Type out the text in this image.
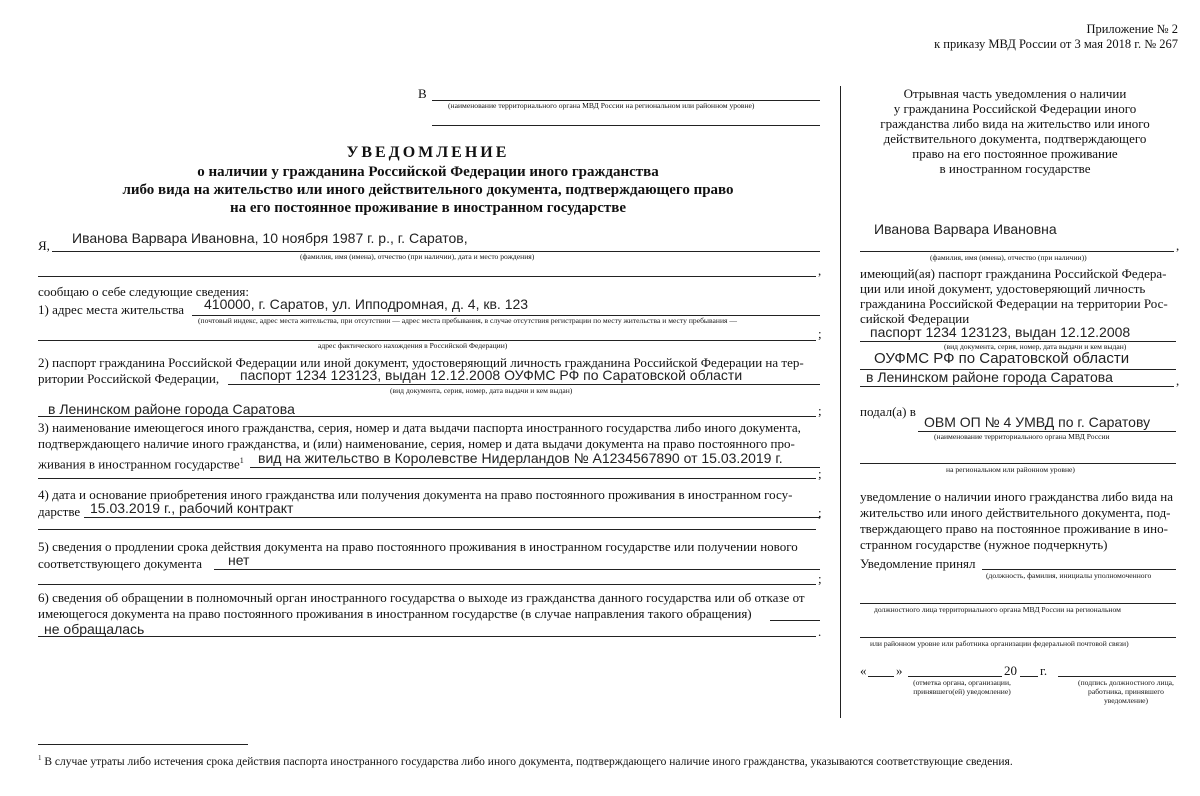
Приложение № 2
к приказу МВД России от 3 мая 2018 г. № 267
В
(наименование территориального органа МВД России на региональном или районном уровне)
УВЕДОМЛЕНИЕ
о наличии у гражданина Российской Федерации иного гражданства
либо вида на жительство или иного действительного документа, подтверждающего право
на его постоянное проживание в иностранном государстве
Я, Иванова Варвара Ивановна, 10 ноября 1987 г. р., г. Саратов,
(фамилия, имя (имена), отчество (при наличии), дата и место рождения)
,
сообщаю о себе следующие сведения:
1) адрес места жительства 410000, г. Саратов, ул. Ипподромная, д. 4, кв. 123
(почтовый индекс, адрес места жительства, при отсутствии — адрес места пребывания, в случае отсутствия регистрации по месту жительства и месту пребывания —
;
адрес фактического нахождения в Российской Федерации)
2) паспорт гражданина Российской Федерации или иной документ, удостоверяющий личность гражданина Российской Федерации на тер-
ритории Российской Федерации, паспорт 1234 123123, выдан 12.12.2008 ОУФМС РФ по Саратовской области
(вид документа, серия, номер, дата выдачи и кем выдан)
в Ленинском районе города Саратова	;
3) наименование имеющегося иного гражданства, серия, номер и дата выдачи паспорта иностранного государства либо иного документа,
подтверждающего наличие иного гражданства, и (или) наименование, серия, номер и дата выдачи документа на право постоянного про-
живания в иностранном государстве$^1$ вид на жительство в Королевстве Нидерландов № A1234567890 от 15.03.2019 г.
;
4) дата и основание приобретения иного гражданства или получения документа на право постоянного проживания в иностранном госу-
дарстве 15.03.2019 г., рабочий контракт	;
5) сведения о продлении срока действия документа на право постоянного проживания в иностранном государстве или получении нового
соответствующего документа нет
;
6) сведения об обращении в полномочный орган иностранного государства о выходе из гражданства данного государства или об отказе от
имеющегося документа на право постоянного проживания в иностранном государстве (в случае направления такого обращения)
не обращалась	.
Отрывная часть уведомления о наличии
у гражданина Российской Федерации иного
гражданства либо вида на жительство или иного
действительного документа, подтверждающего
право на его постоянное проживание
в иностранном государстве
Иванова Варвара Ивановна
,
(фамилия, имя (имена), отчество (при наличии))
имеющий(ая) паспорт гражданина Российской Федера-
ции или иной документ, удостоверяющий личность
гражданина Российской Федерации на территории Рос-
сийской Федерации
паспорт 1234 123123, выдан 12.12.2008
(вид документа, серия, номер, дата выдачи и кем выдан)
ОУФМС РФ по Саратовской области
в Ленинском районе города Саратова	,
подал(а) в
ОВМ ОП № 4 УМВД по г. Саратову
(наименование территориального органа МВД России
на региональном или районном уровне)
уведомление о наличии иного гражданства либо вида на
жительство или иного действительного документа, под-
тверждающего право на постоянное проживание в ино-
странном государстве (нужное подчеркнуть)
Уведомление принял
(должность, фамилия, инициалы уполномоченного
должностного лица территориального органа МВД России на региональном
или районном уровне или работника организации федеральной почтовой связи)
« »	20 г.
(отметка органа, организации, принявшего(ей) уведомление)
(подпись должностного лица, работника, принявшего уведомление)
$^1$ В случае утраты либо истечения срока действия паспорта иностранного государства либо иного документа, подтверждающего наличие иного гражданства, указываются соответствующие сведения.
